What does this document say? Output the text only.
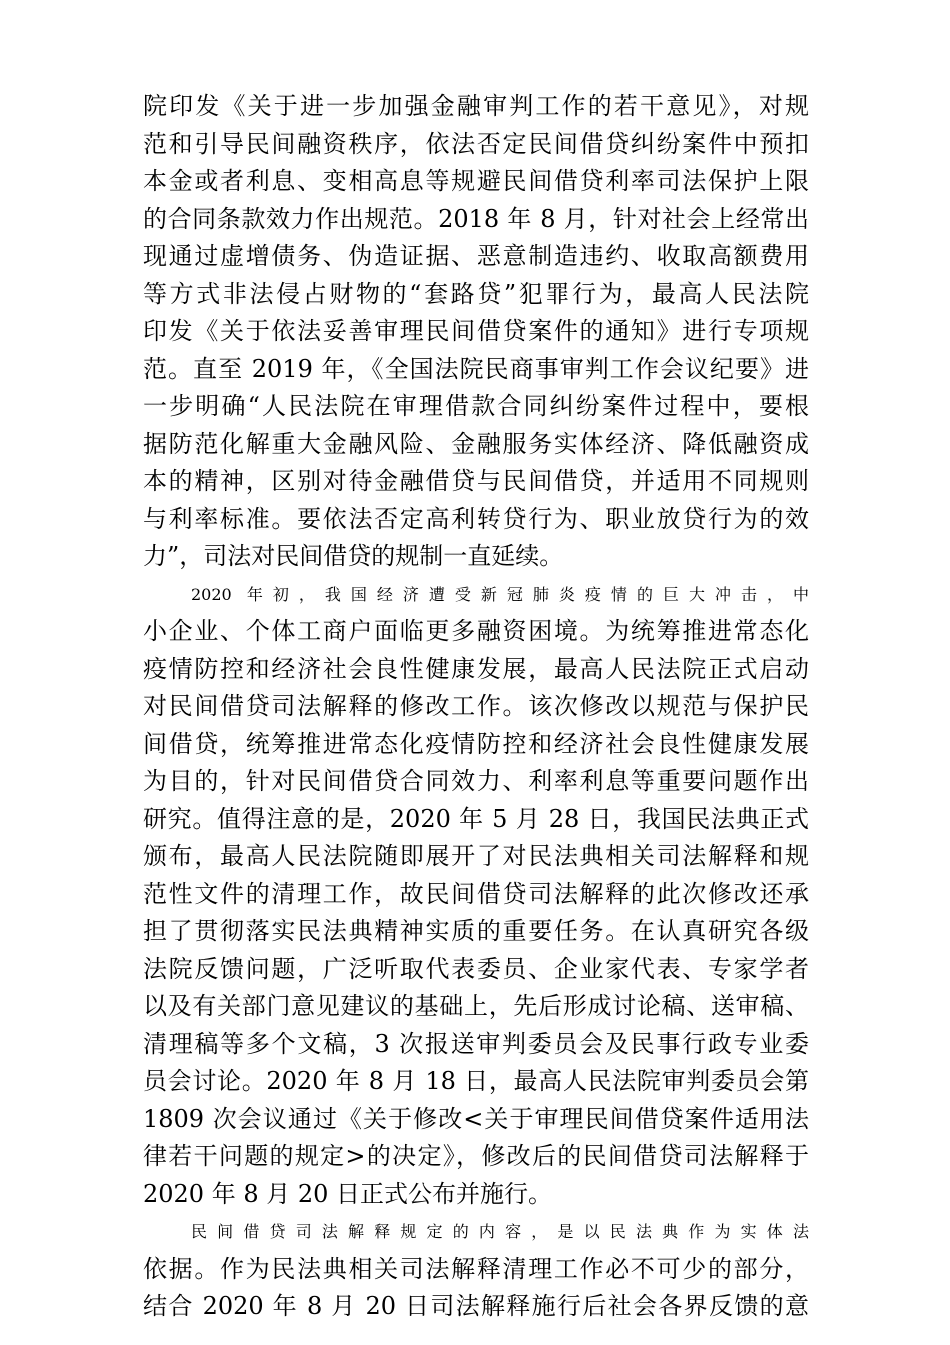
院印发《关于进一步加强金融审判工作的若干意见》，对规
范和引导民间融资秩序，依法否定民间借贷纠纷案件中预扣
本金或者利息、变相高息等规避民间借贷利率司法保护上限
的合同条款效力作出规范。2018 年 8 月，针对社会上经常出
现通过虚增债务、伪造证据、恶意制造违约、收取高额费用
等方式非法侵占财物的“套路贷”犯罪行为，最高人民法院
印发《关于依法妥善审理民间借贷案件的通知》进行专项规
范。直至 2019 年，《全国法院民商事审判工作会议纪要》进
一步明确“人民法院在审理借款合同纠纷案件过程中，要根
据防范化解重大金融风险、金融服务实体经济、降低融资成
本的精神，区别对待金融借贷与民间借贷，并适用不同规则
与利率标准。要依法否定高利转贷行为、职业放贷行为的效
力”，司法对民间借贷的规制一直延续。
2020 年初，我国经济遭受新冠肺炎疫情的巨大冲击，中
小企业、个体工商户面临更多融资困境。为统筹推进常态化
疫情防控和经济社会良性健康发展，最高人民法院正式启动
对民间借贷司法解释的修改工作。该次修改以规范与保护民
间借贷，统筹推进常态化疫情防控和经济社会良性健康发展
为目的，针对民间借贷合同效力、利率利息等重要问题作出
研究。值得注意的是，2020 年 5 月 28 日，我国民法典正式
颁布，最高人民法院随即展开了对民法典相关司法解释和规
范性文件的清理工作，故民间借贷司法解释的此次修改还承
担了贯彻落实民法典精神实质的重要任务。在认真研究各级
法院反馈问题，广泛听取代表委员、企业家代表、专家学者
以及有关部门意见建议的基础上，先后形成讨论稿、送审稿、
清理稿等多个文稿，3 次报送审判委员会及民事行政专业委
员会讨论。2020 年 8 月 18 日，最高人民法院审判委员会第
1809 次会议通过《关于修改<关于审理民间借贷案件适用法
律若干问题的规定>的决定》，修改后的民间借贷司法解释于
2020 年 8 月 20 日正式公布并施行。
民间借贷司法解释规定的内容，是以民法典作为实体法
依据。作为民法典相关司法解释清理工作必不可少的部分，
结合 2020 年 8 月 20 日司法解释施行后社会各界反馈的意
